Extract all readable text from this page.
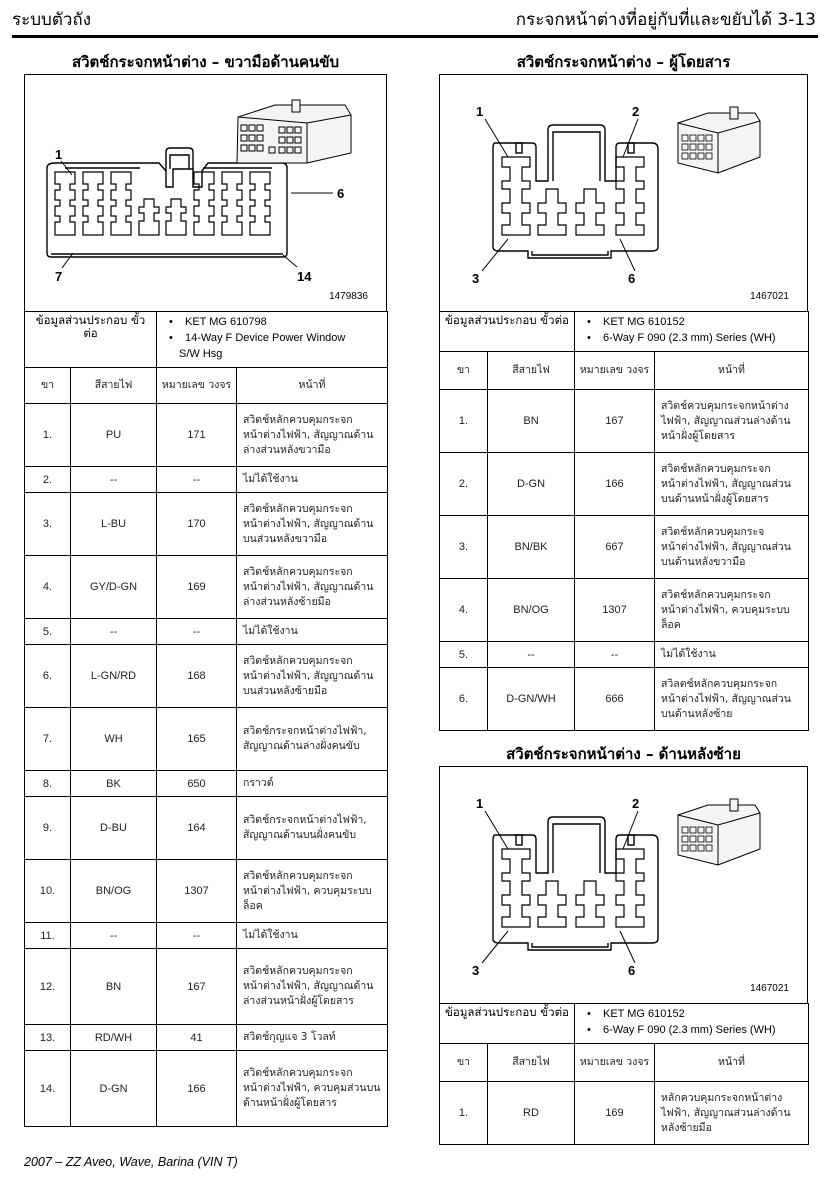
ระบบตัวถัง	กระจกหน้าต่างที่อยู่กับที่และขยับได้ 3-13
สวิตช์กระจกหน้าต่าง – ขวามือด้านคนขับ
1
6
7	14
1479836
ข้อมูลส่วนประกอบ ขั้วต่อ		• KET MG 610798
• 14-Way F Device Power Window
S/W Hsg

ขา	สีสายไฟ	หมายเลข วงจร	หน้าที่
1.	PU	171	สวิตช์หลักควบคุมกระจกหน้าต่างไฟฟ้า, สัญญาณด้านล่างส่วนหลังขวามือ
2.	--	--	ไม่ได้ใช้งาน
3.	L-BU	170	สวิตช์หลักควบคุมกระจกหน้าต่างไฟฟ้า, สัญญาณด้านบนส่วนหลังขวามือ
4.	GY/D-GN	169	สวิตช์หลักควบคุมกระจกหน้าต่างไฟฟ้า, สัญญาณด้านล่างส่วนหลังซ้ายมือ
5.	--	--	ไม่ได้ใช้งาน
6.	L-GN/RD	168	สวิตช์หลักควบคุมกระจกหน้าต่างไฟฟ้า, สัญญาณด้านบนส่วนหลังซ้ายมือ
7.	WH	165	สวิตช์กระจกหน้าต่างไฟฟ้า, สัญญาณด้านล่างฝั่งคนขับ
8.	BK	650	กราวด์
9.	D-BU	164	สวิตช์กระจกหน้าต่างไฟฟ้า, สัญญาณด้านบนฝั่งคนขับ
10.	BN/OG	1307	สวิตช์หลักควบคุมกระจกหน้าต่างไฟฟ้า, ควบคุมระบบล็อค
11.	--	--	ไม่ได้ใช้งาน
12.	BN	167	สวิตช์หลักควบคุมกระจกหน้าต่างไฟฟ้า, สัญญาณด้านล่างส่วนหน้าฝั่งผู้โดยสาร
13.	RD/WH	41	สวิตช์กุญแจ 3 โวลท์
14.	D-GN	166	สวิตช์หลักควบคุมกระจกหน้าต่างไฟฟ้า, ควบคุมส่วนบนด้านหน้าฝั่งผู้โดยสาร
สวิตช์กระจกหน้าต่าง – ผู้โดยสาร
1	2
3	6
1467021
ข้อมูลส่วนประกอบ ขั้วต่อ		• KET MG 610152
• 6-Way F 090 (2.3 mm) Series (WH)

ขา	สีสายไฟ	หมายเลข วงจร	หน้าที่
1.	BN	167	สวิตช์ควบคุมกระจกหน้าต่างไฟฟ้า, สัญญาณส่วนล่างด้านหน้าฝั่งผู้โดยสาร
2.	D-GN	166	สวิตช์หลักควบคุมกระจกหน้าต่างไฟฟ้า, สัญญาณส่วนบนด้านหน้าฝั่งผู้โดยสาร
3.	BN/BK	667	สวิตช์หลักควบคุมกระจหน้าต่างไฟฟ้า, สัญญาณส่วนบนด้านหลังขวามือ
4.	BN/OG	1307	สวิตช์หลักควบคุมกระจกหน้าต่างไฟฟ้า, ควบคุมระบบล็อค
5.	--	--	ไม่ได้ใช้งาน
6.	D-GN/WH	666	สวิลตช์หลักควบคุมกระจกหน้าต่างไฟฟ้า, สัญญาณส่วนบนด้านหลังซ้าย
สวิตช์กระจกหน้าต่าง – ด้านหลังซ้าย
1	2
3	6
1467021
ข้อมูลส่วนประกอบ ขั้วต่อ		• KET MG 610152
• 6-Way F 090 (2.3 mm) Series (WH)

ขา	สีสายไฟ	หมายเลข วงจร	หน้าที่
1.	RD	169	หลักควบคุมกระจกหน้าต่างไฟฟ้า, สัญญาณส่วนล่างด้านหลังซ้ายมือ
2007 – ZZ Aveo, Wave, Barina (VIN T)
